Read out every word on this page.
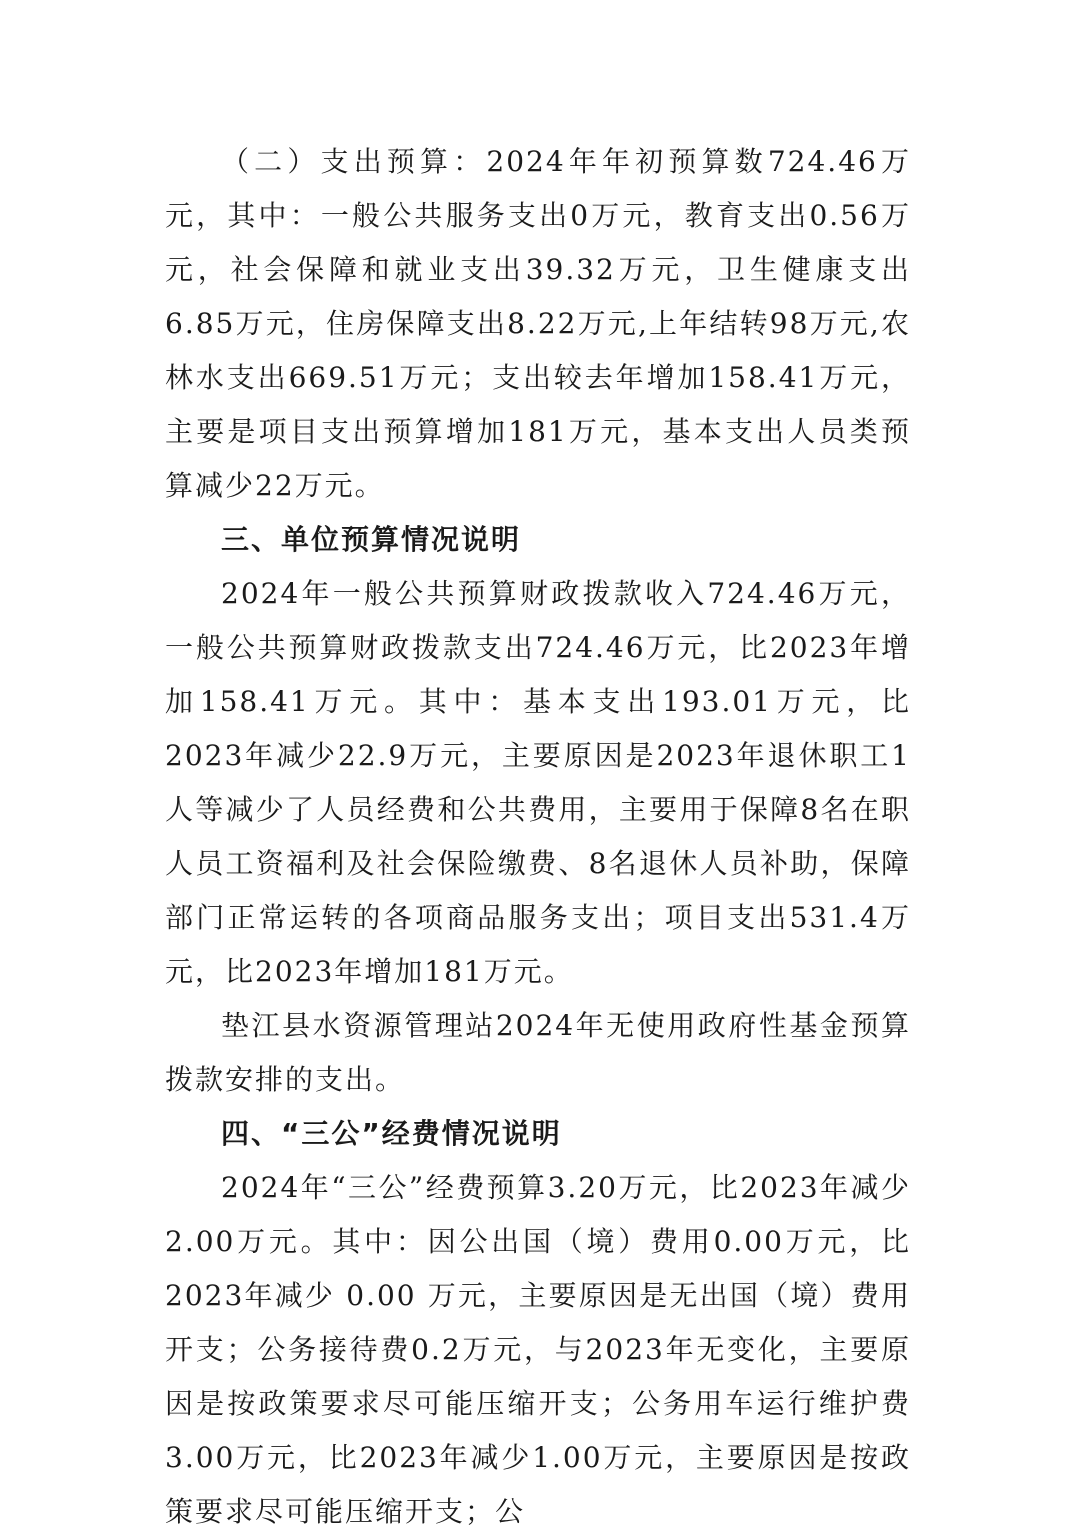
（二）支出预算：2024年年初预算数724.46万元，其中：一般公共服务支出0万元，教育支出0.56万元，社会保障和就业支出39.32万元，卫生健康支出6.85万元，住房保障支出8.22万元,上年结转98万元,农林水支出669.51万元；支出较去年增加158.41万元，主要是项目支出预算增加181万元，基本支出人员类预算减少22万元。

三、单位预算情况说明

2024年一般公共预算财政拨款收入724.46万元，一般公共预算财政拨款支出724.46万元，比2023年增加158.41万元。其中：基本支出193.01万元，比2023年减少22.9万元，主要原因是2023年退休职工1人等减少了人员经费和公共费用，主要用于保障8名在职人员工资福利及社会保险缴费、8名退休人员补助，保障部门正常运转的各项商品服务支出；项目支出531.4万元，比2023年增加181万元。

垫江县水资源管理站2024年无使用政府性基金预算拨款安排的支出。

四、“三公”经费情况说明

2024年“三公”经费预算3.20万元，比2023年减少2.00万元。其中：因公出国（境）费用0.00万元，比2023年减少 0.00 万元，主要原因是无出国（境）费用开支；公务接待费0.2万元，与2023年无变化，主要原因是按政策要求尽可能压缩开支；公务用车运行维护费3.00万元，比2023年减少1.00万元，主要原因是按政策要求尽可能压缩开支；公
